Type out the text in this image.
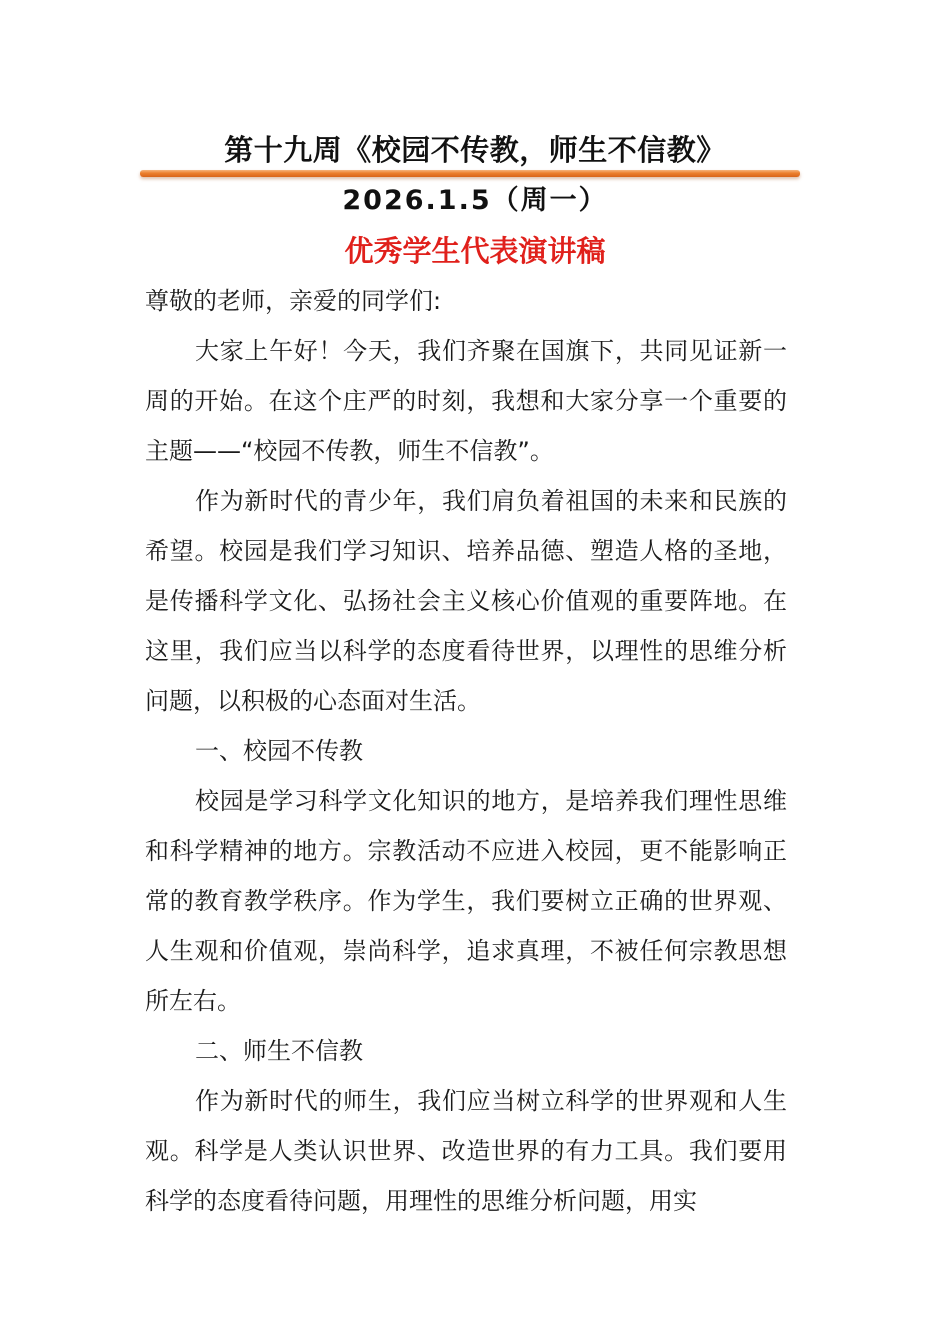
第十九周《校园不传教，师生不信教》
2026.1.5（周一）
优秀学生代表演讲稿

尊敬的老师，亲爱的同学们:

大家上午好！今天，我们齐聚在国旗下，共同见证新一周的开始。在这个庄严的时刻，我想和大家分享一个重要的主题——“校园不传教，师生不信教”。

作为新时代的青少年，我们肩负着祖国的未来和民族的希望。校园是我们学习知识、培养品德、塑造人格的圣地，是传播科学文化、弘扬社会主义核心价值观的重要阵地。在这里，我们应当以科学的态度看待世界，以理性的思维分析问题，以积极的心态面对生活。

一、校园不传教

校园是学习科学文化知识的地方，是培养我们理性思维和科学精神的地方。宗教活动不应进入校园，更不能影响正常的教育教学秩序。作为学生，我们要树立正确的世界观、人生观和价值观，崇尚科学，追求真理，不被任何宗教思想所左右。

二、师生不信教

作为新时代的师生，我们应当树立科学的世界观和人生观。科学是人类认识世界、改造世界的有力工具。我们要用科学的态度看待问题，用理性的思维分析问题，用实
